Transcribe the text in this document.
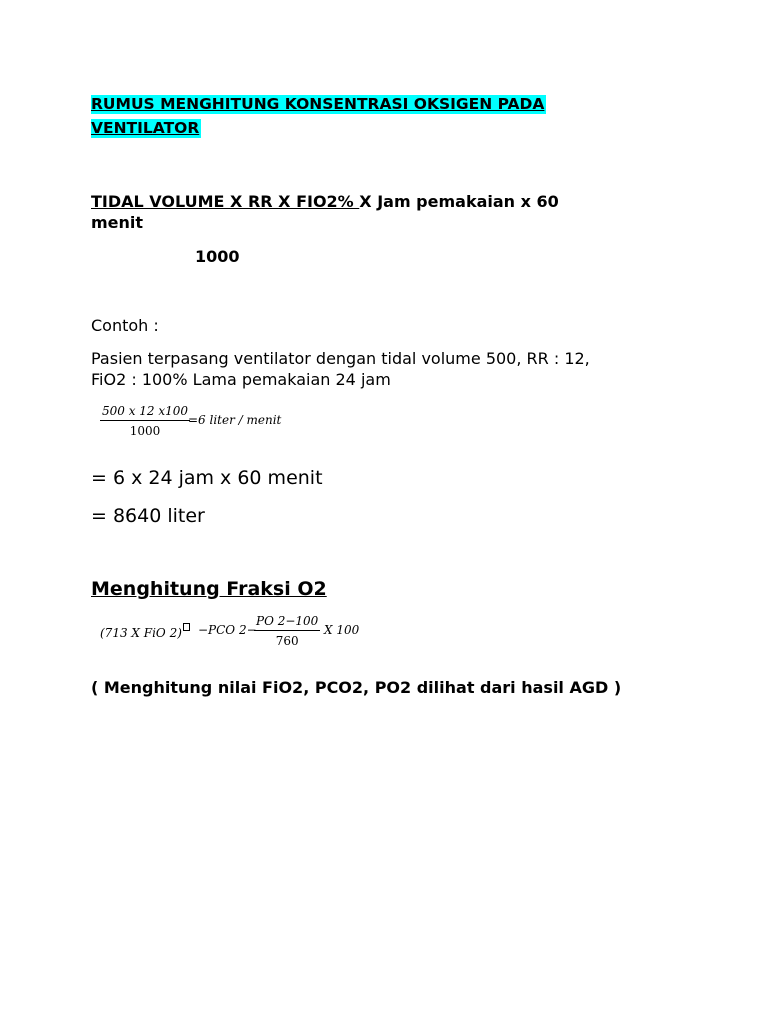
RUMUS MENGHITUNG KONSENTRASI OKSIGEN PADA
VENTILATOR
TIDAL VOLUME X RR X FIO2% X Jam pemakaian x 60
menit
1000
Contoh :
Pasien terpasang ventilator dengan tidal volume 500, RR : 12,
FiO2 : 100% Lama pemakaian 24 jam
500 x 12 x100
1000
=6 liter / menit
= 6 x 24 jam x 60 menit
= 8640 liter
Menghitung Fraksi O2
(713 X FiO 2)	−PCO 2−
PO 2−100
760
X 100
( Menghitung nilai FiO2, PCO2, PO2 dilihat dari hasil AGD )
